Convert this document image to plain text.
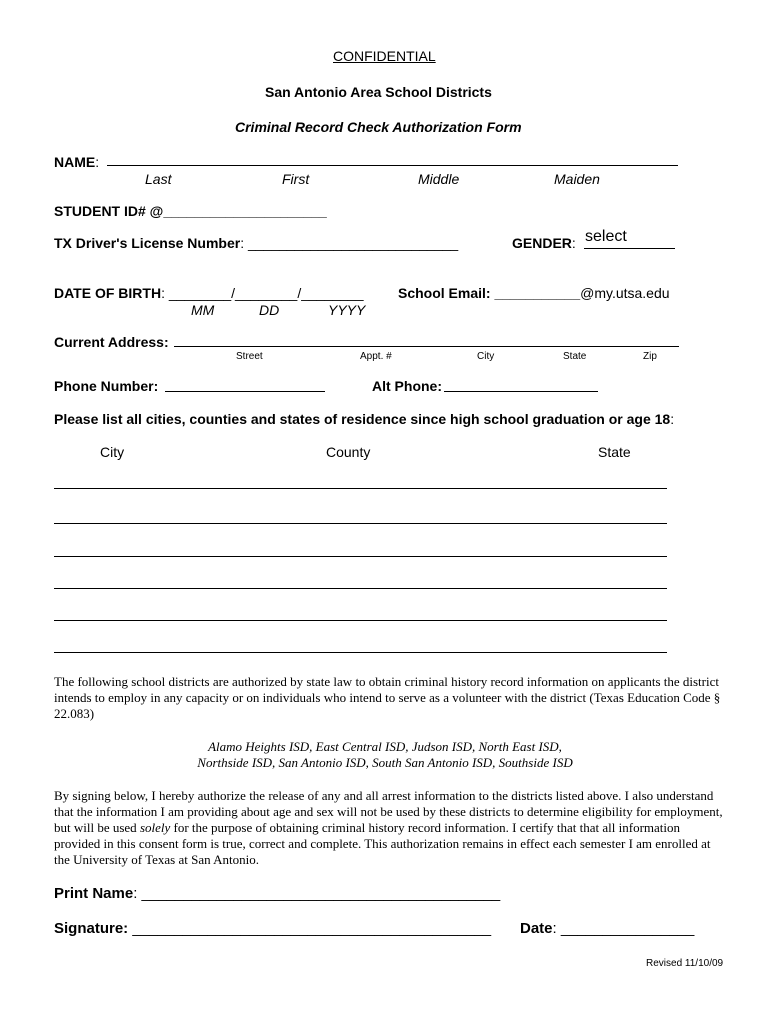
CONFIDENTIAL
San Antonio Area School Districts
Criminal Record Check Authorization Form
NAME:
Last	First	Middle	Maiden
STUDENT ID# @_____________________
TX Driver's License Number: ___________________________	GENDER: select
DATE OF BIRTH: ________/________/________
MM	DD	YYYY
School Email: ___________@my.utsa.edu
Current Address:
Street	Appt. #	City	State	Zip
Phone Number:	Alt Phone:
Please list all cities, counties and states of residence since high school graduation or age 18:
City	County	State
The following school districts are authorized by state law to obtain criminal history record information on applicants the district intends to employ in any capacity or on individuals who intend to serve as a volunteer with the district (Texas Education Code § 22.083)
Alamo Heights ISD, East Central ISD, Judson ISD, North East ISD,
Northside ISD, San Antonio ISD, South San Antonio ISD, Southside ISD
By signing below, I hereby authorize the release of any and all arrest information to the districts listed above. I also understand that the information I am providing about age and sex will not be used by these districts to determine eligibility for employment, but will be used solely for the purpose of obtaining criminal history record information. I certify that that all information provided in this consent form is true, correct and complete. This authorization remains in effect each semester I am enrolled at the University of Texas at San Antonio.
Print Name: ___________________________________________
Signature: ___________________________________________ Date: ________________
Revised 11/10/09
